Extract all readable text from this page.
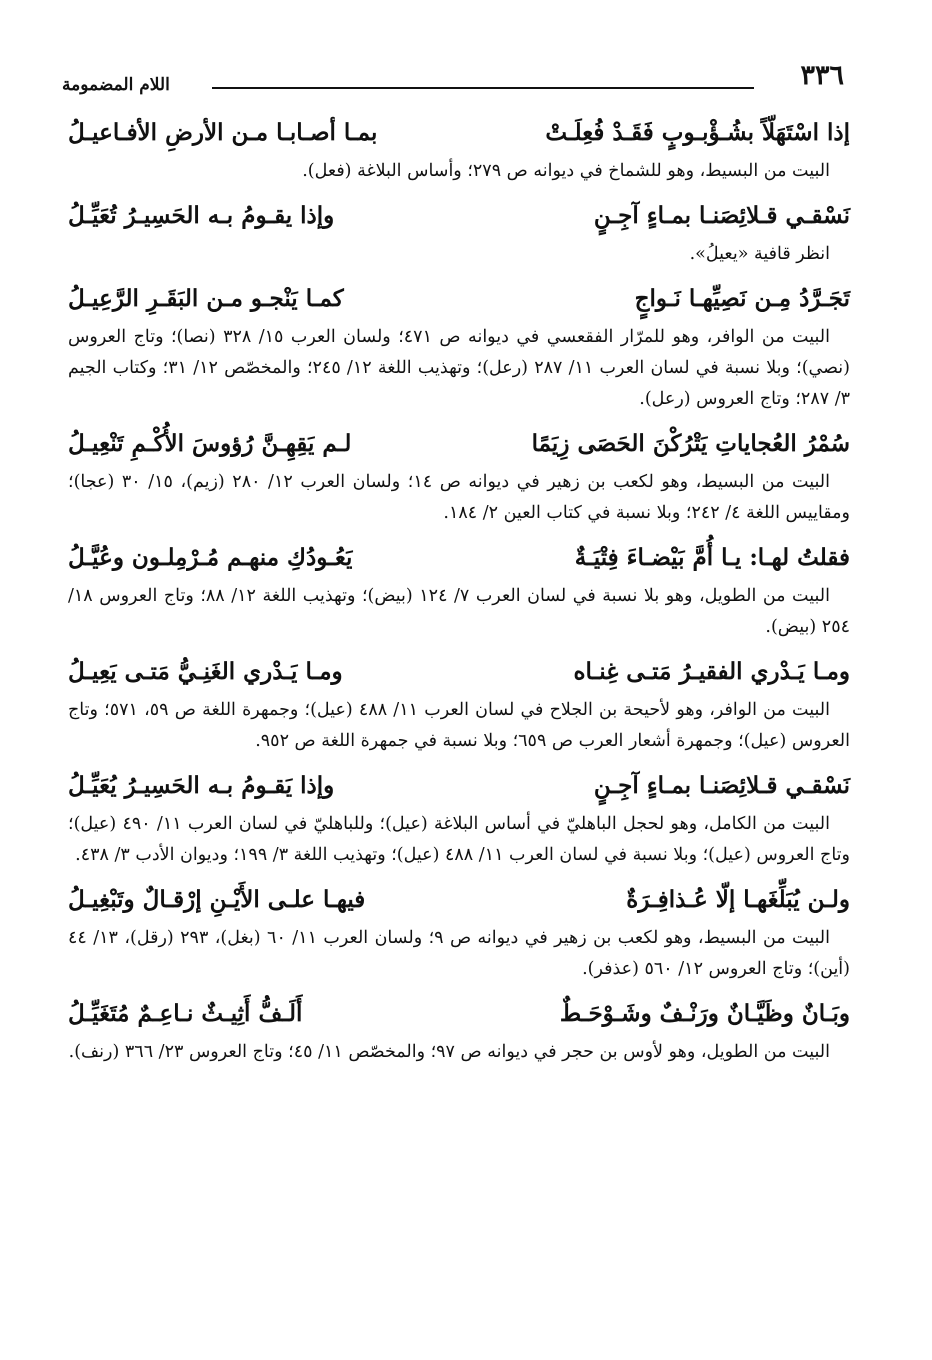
٣٣٦
اللام المضمومة
إذا اسْتَهَلّاً بشُـؤْبـوبٍ فَقَـدْ فُعِلَـتْ
بمـا أصـابـا مـن الأرضِ الأفـاعيـلُ

البيت من البسيط، وهو للشماخ في ديوانه ص ٢٧٩؛ وأساس البلاغة (فعل).

نَسْقـي قـلائِصَنـا بمـاءٍ آجِـنٍ
وإذا يقـومُ بـه الحَسِيـرُ تُعَيِّـلُ

انظر قافية «يعيلُ».

تَجَـرَّدُ مِـن نَصِيِّهـا نَـواجٍ
كمـا يَنْجـو مـن البَقَـرِ الرَّعِيـلُ

البيت من الوافر، وهو للمرّار الفقعسي في ديوانه ص ٤٧١؛ ولسان العرب ١٥/ ٣٢٨ (نصا)؛ وتاج العروس (نصي)؛ وبلا نسبة في لسان العرب ١١/ ٢٨٧ (رعل)؛ وتهذيب اللغة ١٢/ ٢٤٥؛ والمخصّص ١٢/ ٣١؛ وكتاب الجيم ٣/ ٢٨٧؛ وتاج العروس (رعل).

سُمْرُ العُجاياتِ يَتْرُكْنَ الحَصَى زِيَمًا
لـم يَقِهِـنَّ رُؤوسَ الأُكْـمِ تَنْعِيـلُ

البيت من البسيط، وهو لكعب بن زهير في ديوانه ص ١٤؛ ولسان العرب ١٢/ ٢٨٠ (زيم)، ١٥/ ٣٠ (عجا)؛ ومقاييس اللغة ٤/ ٢٤٢؛ وبلا نسبة في كتاب العين ٢/ ١٨٤.

فقلتُ لهـا: يـا أُمَّ بَيْضـاءَ فِتْيَـةٌ
يَعُـودُكِ منهـم مُـرْمِلـون وعُيَّـلُ

البيت من الطويل، وهو بلا نسبة في لسان العرب ٧/ ١٢٤ (بيض)؛ وتهذيب اللغة ١٢/ ٨٨؛ وتاج العروس ١٨/ ٢٥٤ (بيض).

ومـا يَـدْري الفقيـرُ مَتـى غِنـاه
ومـا يَـدْري الغَنِـيُّ مَتـى يَعِيـلُ

البيت من الوافر، وهو لأحيحة بن الجلاح في لسان العرب ١١/ ٤٨٨ (عيل)؛ وجمهرة اللغة ص ٥٩، ٥٧١؛ وتاج العروس (عيل)؛ وجمهرة أشعار العرب ص ٦٥٩؛ وبلا نسبة في جمهرة اللغة ص ٩٥٢.

نَسْقـي قـلائِصَنـا بمـاءٍ آجِـنٍ
وإذا يَقـومُ بـه الحَسِيـرُ يُعَيِّـلُ

البيت من الكامل، وهو لحجل الباهليّ في أساس البلاغة (عيل)؛ وللباهليّ في لسان العرب ١١/ ٤٩٠ (عيل)؛ وتاج العروس (عيل)؛ وبلا نسبة في لسان العرب ١١/ ٤٨٨ (عيل)؛ وتهذيب اللغة ٣/ ١٩٩؛ وديوان الأدب ٣/ ٤٣٨.

ولـن يُبَلِّغَهـا إلّا عُـذافِـرَةٌ
فيهـا علـى الأَيْـنِ إرْقـالٌ وتَبْغِيـلُ

البيت من البسيط، وهو لكعب بن زهير في ديوانه ص ٩؛ ولسان العرب ١١/ ٦٠ (بغل)، ٢٩٣ (رقل)، ١٣/ ٤٤ (أين)؛ وتاج العروس ١٢/ ٥٦٠ (عذفر).

وبَـانٌ وظَيَّـانٌ ورَنْـفٌ وشَـوْحَـطٌ
أَلَـفُّ أَثِيـثٌ نـاعِـمٌ مُتَغَيِّـلُ

البيت من الطويل، وهو لأوس بن حجر في ديوانه ص ٩٧؛ والمخصّص ١١/ ٤٥؛ وتاج العروس ٢٣/ ٣٦٦ (رنف).
